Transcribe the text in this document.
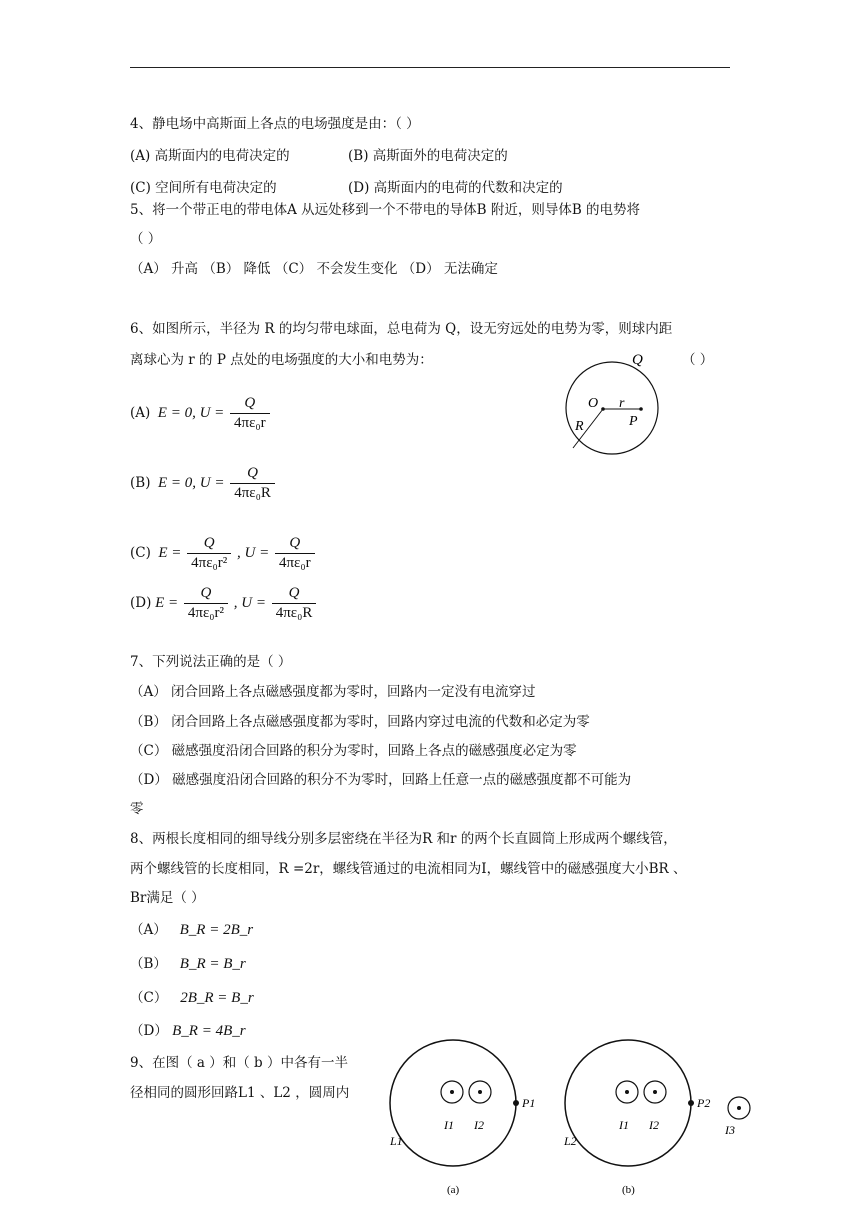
4、静电场中高斯面上各点的电场强度是由：（ ）
(A) 高斯面内的电荷决定的	(B) 高斯面外的电荷决定的
(C) 空间所有电荷决定的	(D) 高斯面内的电荷的代数和决定的
5、将一个带正电的带电体A 从远处移到一个不带电的导体B 附近，则导体B 的电势将
（ ）
（A） 升高 （B） 降低 （C） 不会发生变化 （D） 无法确定
6、如图所示，半径为 R 的均匀带电球面，总电荷为 Q，设无穷远处的电势为零，则球内距
离球心为 r 的 P 点处的电场强度的大小和电势为：	（ ）
Q
O r
P
R
(A) E = 0, $U = \frac{Q}{\text{4πε₀r}}$
(B) E = 0, $U = \frac{Q}{\text{4πε₀R}}$
(C) $E = \frac{Q}{\text{4πε₀r²}}$ , $U = \frac{Q}{\text{4πε₀r}}$
(D) $E = \frac{Q}{\text{4πε₀r²}}$ , $U = \frac{Q}{\text{4πε₀R}}$
7、下列说法正确的是（ ）
（A） 闭合回路上各点磁感强度都为零时，回路内一定没有电流穿过
（B） 闭合回路上各点磁感强度都为零时，回路内穿过电流的代数和必定为零
（C） 磁感强度沿闭合回路的积分为零时，回路上各点的磁感强度必定为零
（D） 磁感强度沿闭合回路的积分不为零时，回路上任意一点的磁感强度都不可能为
零
8、两根长度相同的细导线分别多层密绕在半径为R 和r 的两个长直圆筒上形成两个螺线管，
两个螺线管的长度相同，R =2r，螺线管通过的电流相同为I，螺线管中的磁感强度大小BR 、
Br满足（ ）
（A） B_R = 2B_r
（B） B_R = B_r
（C） 2B_R = B_r
（D） B_R = 4B_r
9、在图（ a ）和（ b ）中各有一半
径相同的圆形回路L1 、L2 ，圆周内
I1 I2
P1
L1
(a)
I1 I2
P2
L2
I3
(b)
